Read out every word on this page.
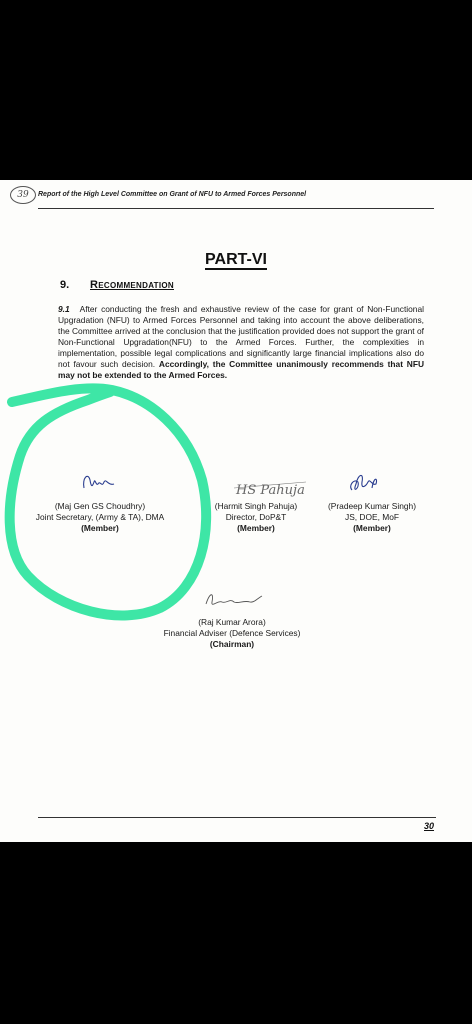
39	Report of the High Level Committee on Grant of NFU to Armed Forces Personnel
PART-VI
9. Recommendation
9.1 After conducting the fresh and exhaustive review of the case for grant of Non-Functional Upgradation (NFU) to Armed Forces Personnel and taking into account the above deliberations, the Committee arrived at the conclusion that the justification provided does not support the grant of Non-Functional Upgradation(NFU) to the Armed Forces. Further, the complexities in implementation, possible legal complications and significantly large financial implications also do not favour such decision. Accordingly, the Committee unanimously recommends that NFU may not be extended to the Armed Forces.
HS Pahuja
(Maj Gen GS Choudhry)
Joint Secretary, (Army & TA), DMA
(Member)
(Harmit Singh Pahuja)
Director, DoP&T
(Member)
(Pradeep Kumar Singh)
JS, DOE, MoF
(Member)
(Raj Kumar Arora)
Financial Adviser (Defence Services)
(Chairman)
30
